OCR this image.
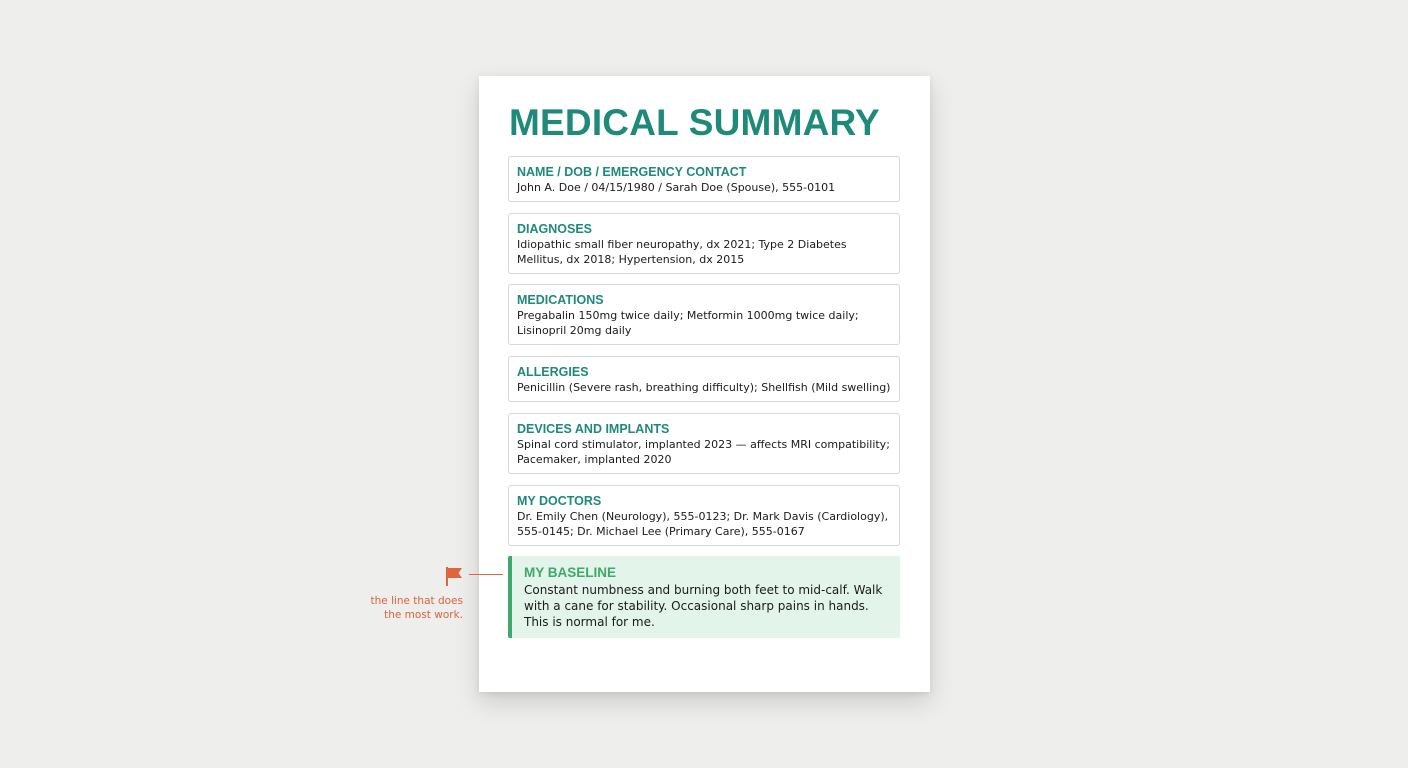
MEDICAL SUMMARY
NAME / DOB / EMERGENCY CONTACT
John A. Doe / 04/15/1980 / Sarah Doe (Spouse), 555-0101
DIAGNOSES
Idiopathic small fiber neuropathy, dx 2021; Type 2 Diabetes Mellitus, dx 2018; Hypertension, dx 2015
MEDICATIONS
Pregabalin 150mg twice daily; Metformin 1000mg twice daily; Lisinopril 20mg daily
ALLERGIES
Penicillin (Severe rash, breathing difficulty); Shellfish (Mild swelling)
DEVICES AND IMPLANTS
Spinal cord stimulator, implanted 2023 — affects MRI compatibility; Pacemaker, implanted 2020
MY DOCTORS
Dr. Emily Chen (Neurology), 555-0123; Dr. Mark Davis (Cardiology), 555-0145; Dr. Michael Lee (Primary Care), 555-0167
MY BASELINE
Constant numbness and burning both feet to mid-calf. Walk with a cane for stability. Occasional sharp pains in hands. This is normal for me.
the line that does
the most work.
